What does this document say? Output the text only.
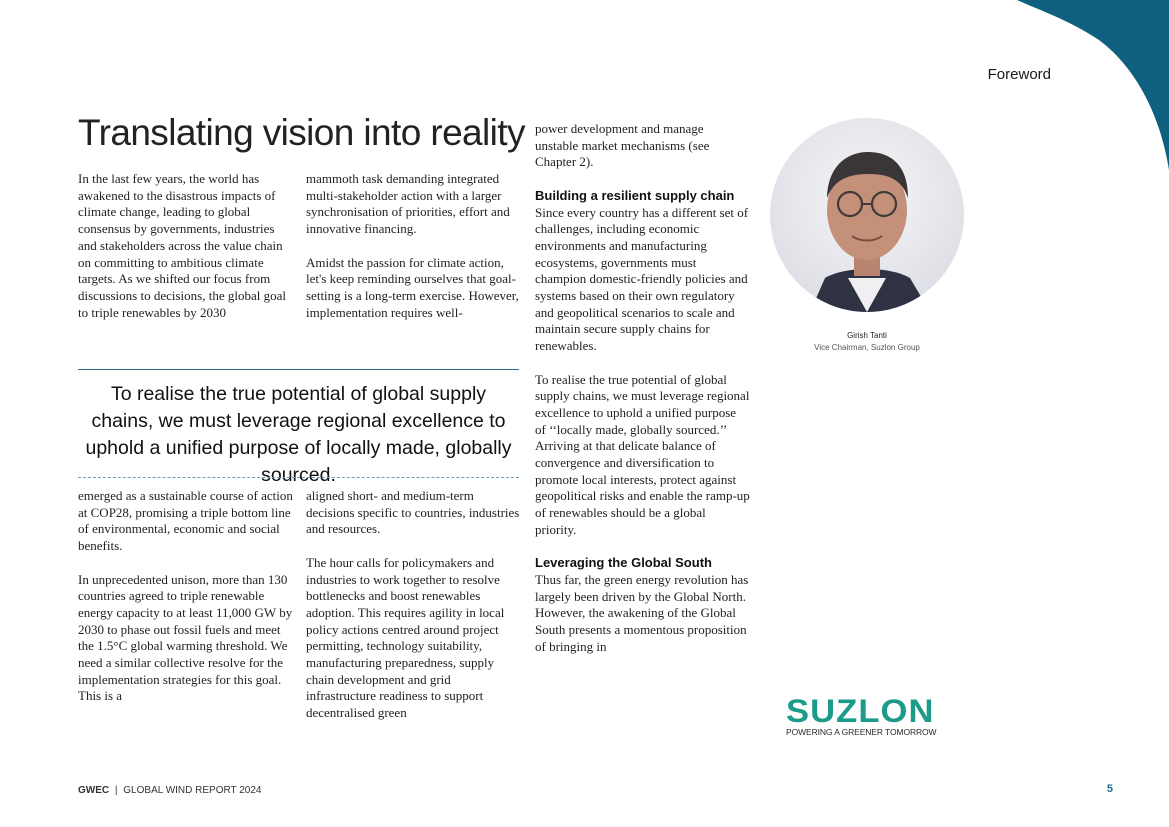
Foreword
Translating vision into reality

In the last few years, the world has awakened to the disastrous impacts of climate change, leading to global consensus by governments, industries and stakeholders across the value chain on committing to ambitious climate targets. As we shifted our focus from discussions to decisions, the global goal to triple renewables by 2030

mammoth task demanding integrated multi-stakeholder action with a larger synchronisation of priorities, effort and innovative financing.

Amidst the passion for climate action, let's keep reminding ourselves that goal-setting is a long-term exercise. However, implementation requires well-

To realise the true potential of global supply chains, we must leverage regional excellence to uphold a unified purpose of locally made, globally sourced.

emerged as a sustainable course of action at COP28, promising a triple bottom line of environmental, economic and social benefits.

In unprecedented unison, more than 130 countries agreed to triple renewable energy capacity to at least 11,000 GW by 2030 to phase out fossil fuels and meet the 1.5°C global warming threshold. We need a similar collective resolve for the implementation strategies for this goal. This is a

aligned short- and medium-term decisions specific to countries, industries and resources.

The hour calls for policymakers and industries to work together to resolve bottlenecks and boost renewables adoption. This requires agility in local policy actions centred around project permitting, technology suitability, manufacturing preparedness, supply chain development and grid infrastructure readiness to support decentralised green

power development and manage unstable market mechanisms (see Chapter 2).

Building a resilient supply chain

Since every country has a different set of challenges, including economic environments and manufacturing ecosystems, governments must champion domestic-friendly policies and systems based on their own regulatory and geopolitical scenarios to scale and maintain secure supply chains for renewables.

To realise the true potential of global supply chains, we must leverage regional excellence to uphold a unified purpose of ‘‘locally made, globally sourced.’’ Arriving at that delicate balance of convergence and diversification to promote local interests, protect against geopolitical risks and enable the ramp-up of renewables should be a global priority.

Leveraging the Global South

Thus far, the green energy revolution has largely been driven by the Global North. However, the awakening of the Global South presents a momentous proposition of bringing in

Girish Tanti
Vice Chairman, Suzlon Group
SUZLON
POWERING A GREENER TOMORROW
GWEC | GLOBAL WIND REPORT 2024	5
